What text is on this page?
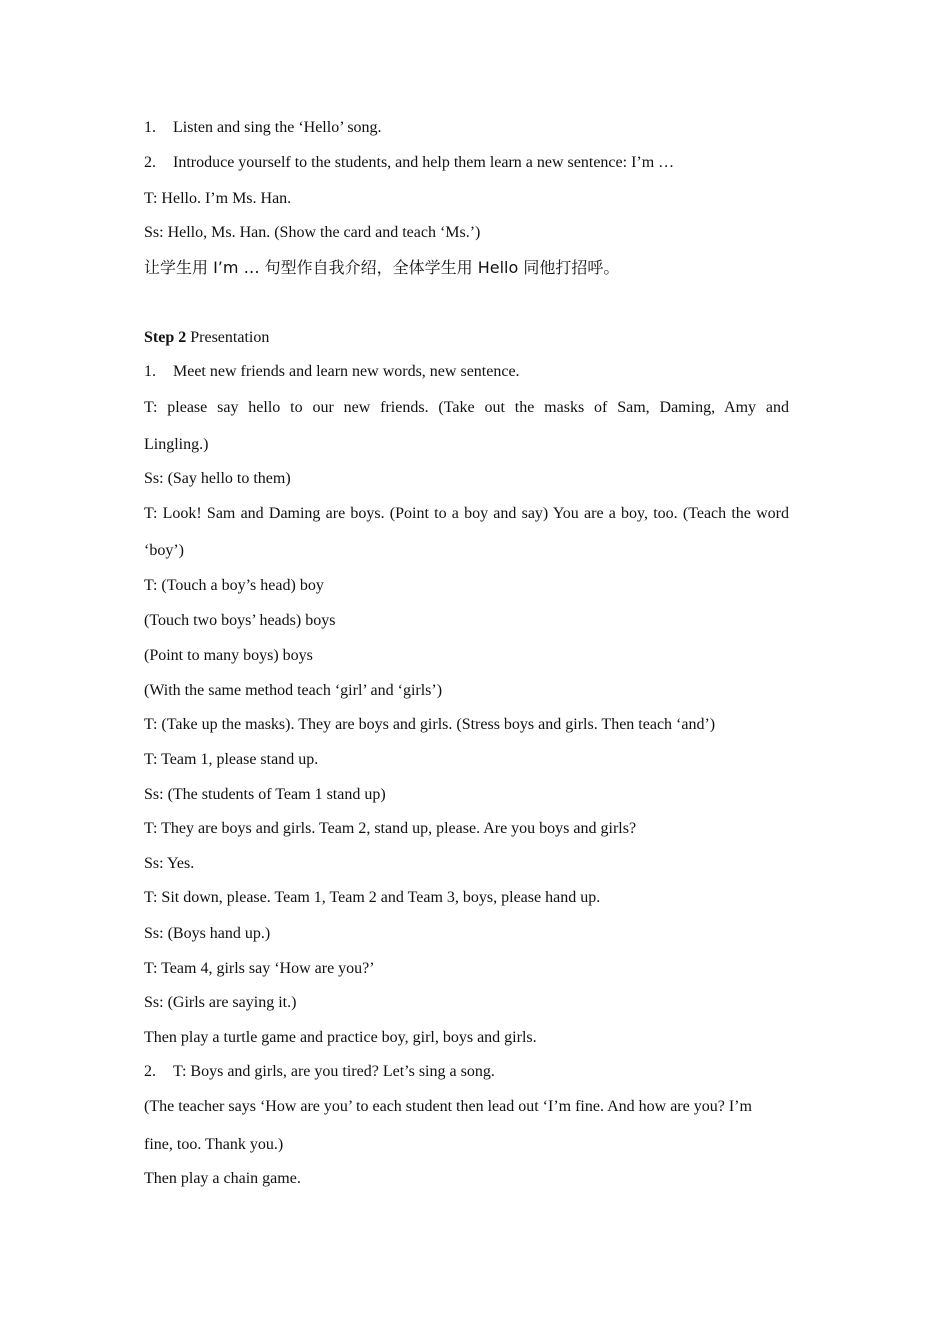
1. Listen and sing the ‘Hello’ song.
2. Introduce yourself to the students, and help them learn a new sentence: I’m …
T: Hello. I’m Ms. Han.
Ss: Hello, Ms. Han. (Show the card and teach ‘Ms.’)
让学生用 I’m … 句型作自我介绍，全体学生用 Hello 同他打招呼。
Step 2 Presentation
1. Meet new friends and learn new words, new sentence.
T: please say hello to our new friends. (Take out the masks of Sam, Daming, Amy and
Lingling.)
Ss: (Say hello to them)
T: Look! Sam and Daming are boys. (Point to a boy and say) You are a boy, too. (Teach the word
‘boy’)
T: (Touch a boy’s head) boy
(Touch two boys’ heads) boys
(Point to many boys) boys
(With the same method teach ‘girl’ and ‘girls’)
T: (Take up the masks). They are boys and girls. (Stress boys and girls. Then teach ‘and’)
T: Team 1, please stand up.
Ss: (The students of Team 1 stand up)
T: They are boys and girls. Team 2, stand up, please. Are you boys and girls?
Ss: Yes.
T: Sit down, please. Team 1, Team 2 and Team 3, boys, please hand up.
Ss: (Boys hand up.)
T: Team 4, girls say ‘How are you?’
Ss: (Girls are saying it.)
Then play a turtle game and practice boy, girl, boys and girls.
2. T: Boys and girls, are you tired? Let’s sing a song.
(The teacher says ‘How are you’ to each student then lead out ‘I’m fine. And how are you? I’m
fine, too. Thank you.)
Then play a chain game.
